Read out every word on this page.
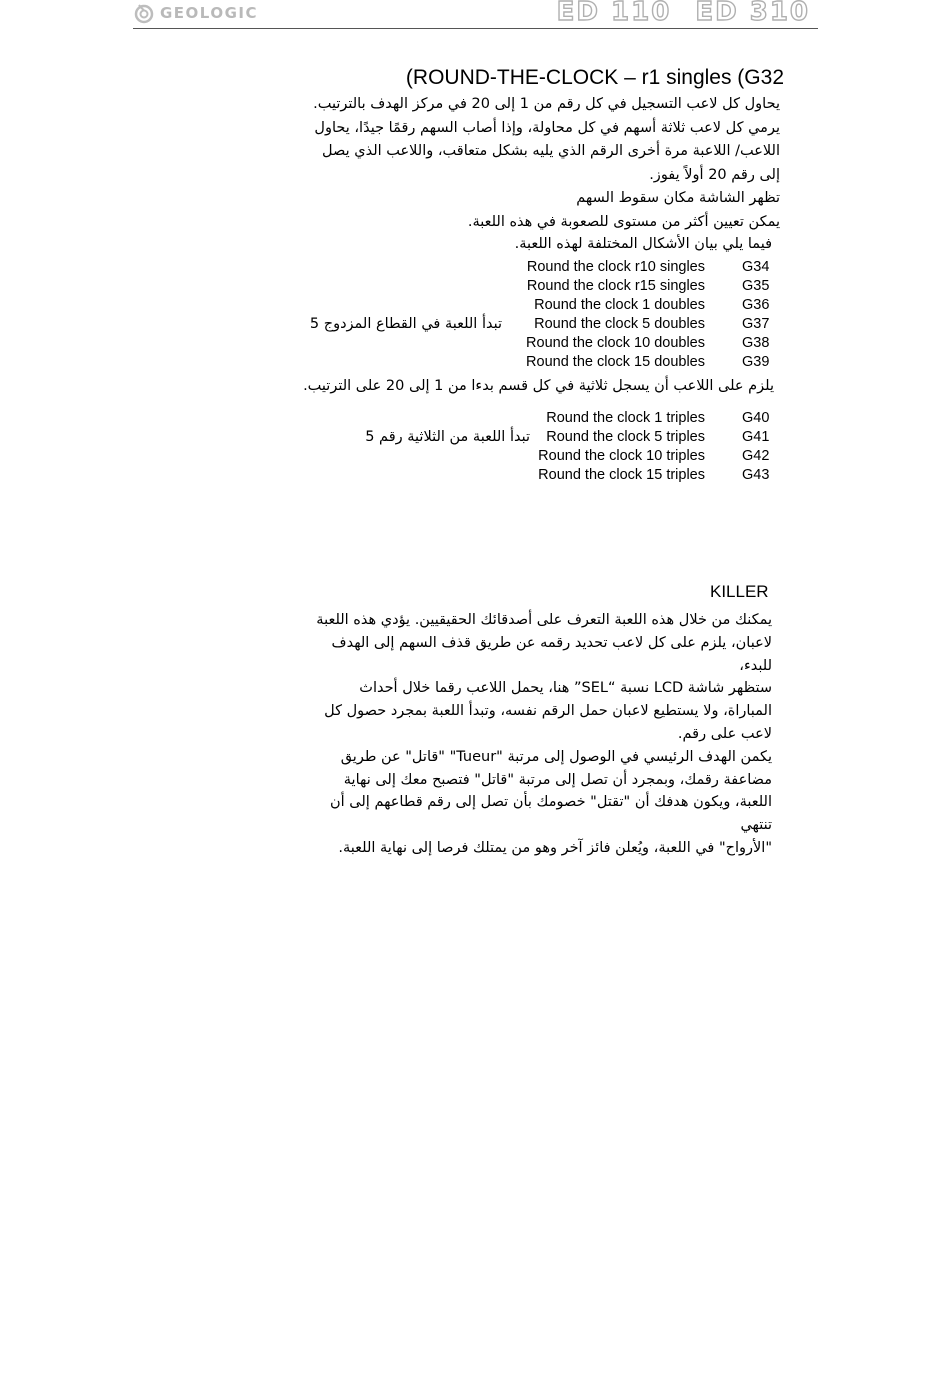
GEOLOGIC	ED 110 ED 310
(ROUND-THE-CLOCK – r1 singles (G32

يحاول كل لاعب التسجيل في كل رقم من 1 إلى 20 في مركز الهدف بالترتيب.

يرمي كل لاعب ثلاثة أسهم في كل محاولة، وإذا أصاب السهم رقمًا جيدًا، يحاول

اللاعب/ اللاعبة مرة أخرى الرقم الذي يليه بشكل متعاقب، واللاعب الذي يصل

إلى رقم 20 أولاً يفوز.

تظهر الشاشة مكان سقوط السهم

يمكن تعيين أكثر من مستوى للصعوبة في هذه اللعبة.

فيما يلي بيان الأشكال المختلفة لهذه اللعبة.
Round the clock r10 singles	G34
Round the clock r15 singles	G35
Round the clock 1 doubles	G36
تبدأ اللعبة في القطاع المزدوج 5 Round the clock 5 doubles	G37
Round the clock 10 doubles	G38
Round the clock 15 doubles	G39
يلزم على اللاعب أن يسجل ثلاثية في كل قسم بدءا من 1 إلى 20 على الترتيب.
Round the clock 1 triples	G40
تبدأ اللعبة من الثلاثية رقم 5 Round the clock 5 triples	G41
Round the clock 10 triples	G42
Round the clock 15 triples	G43
KILLER

يمكنك من خلال هذه اللعبة التعرف على أصدقائك الحقيقيين. يؤدي هذه اللعبة

لاعبان، يلزم على كل لاعب تحديد رقمه عن طريق قذف السهم إلى الهدف للبدء،

ستظهر شاشة LCD نسبة “SEL” هنا، يحمل اللاعب رقما خلال أحداث

المباراة، ولا يستطيع لاعبان حمل الرقم نفسه، وتبدأ اللعبة بمجرد حصول كل

لاعب على رقم.

يكمن الهدف الرئيسي في الوصول إلى مرتبة "Tueur" "قاتل" عن طريق

مضاعفة رقمك، وبمجرد أن تصل إلى مرتبة "قاتل" فتصبح معك إلى نهاية

اللعبة، ويكون هدفك أن "تقتل" خصومك بأن تصل إلى رقم قطاعهم إلى أن تنتهي

"الأرواح" في اللعبة، ويُعلن فائز آخر وهو من يمتلك فرصا إلى نهاية اللعبة.
